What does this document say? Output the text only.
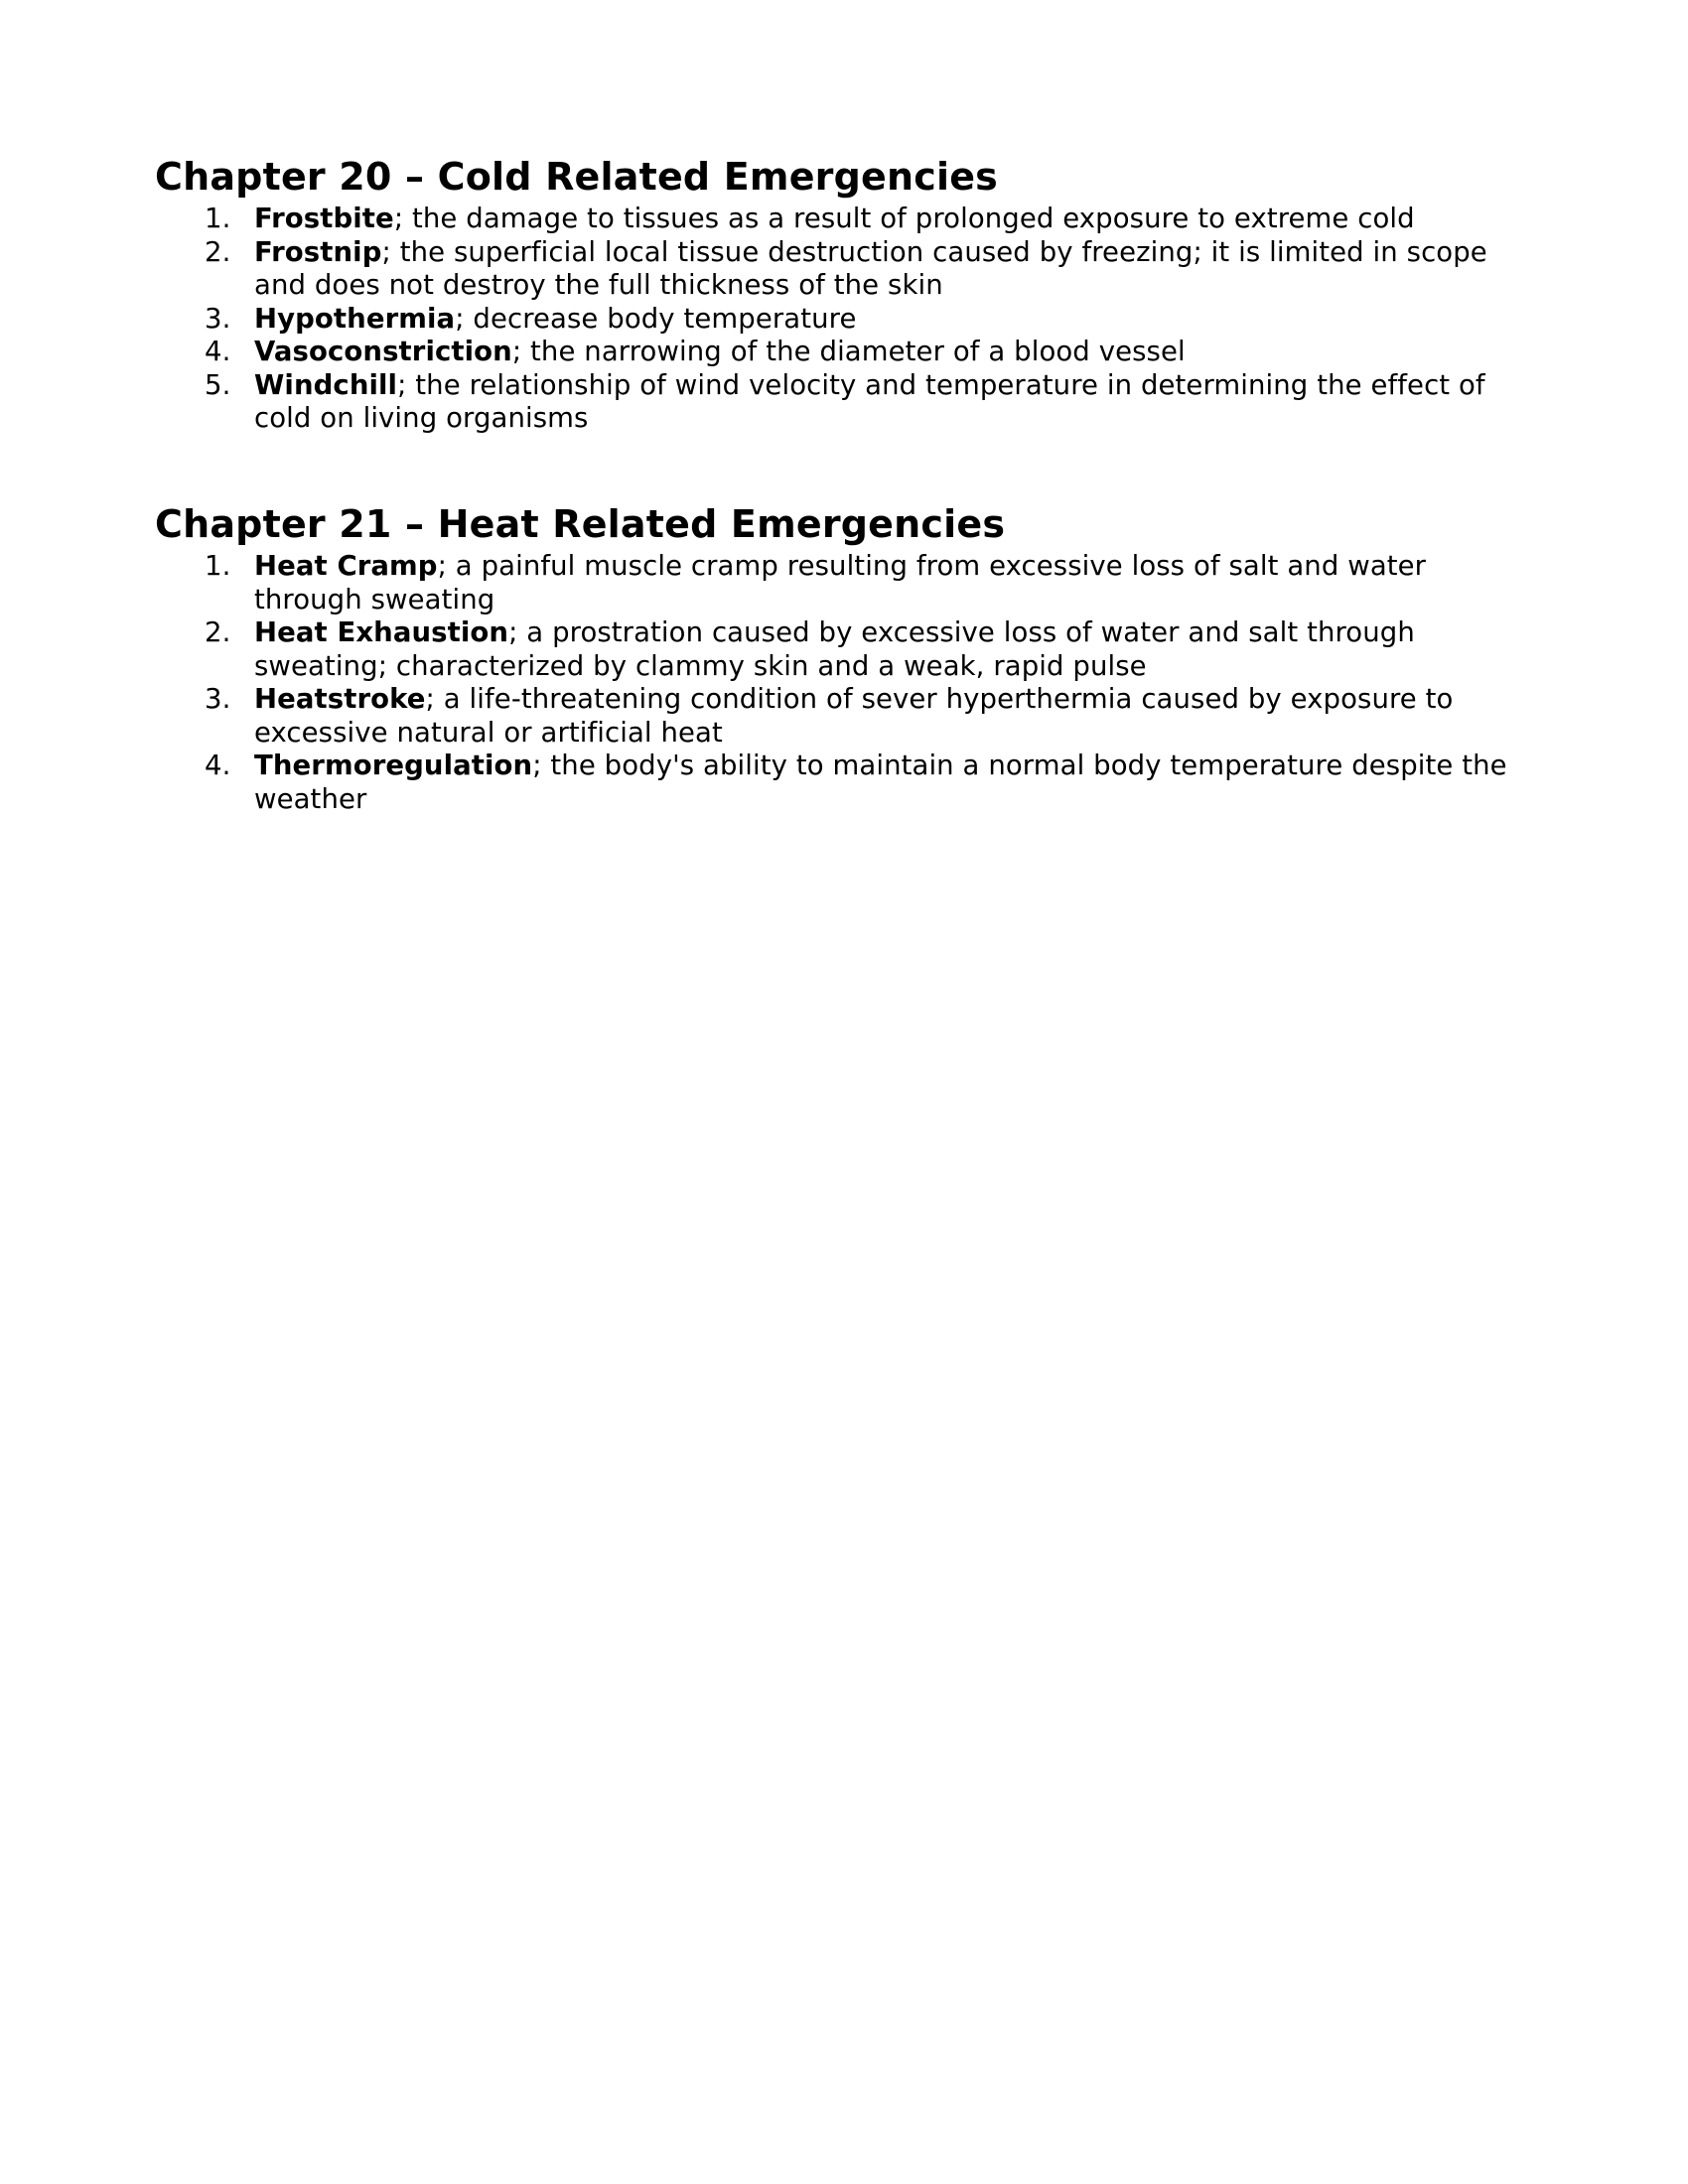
Chapter 20 – Cold Related Emergencies
1. Frostbite; the damage to tissues as a result of prolonged exposure to extreme cold
2. Frostnip; the superficial local tissue destruction caused by freezing; it is limited in scope and does not destroy the full thickness of the skin
3. Hypothermia; decrease body temperature
4. Vasoconstriction; the narrowing of the diameter of a blood vessel
5. Windchill; the relationship of wind velocity and temperature in determining the effect of cold on living organisms
Chapter 21 – Heat Related Emergencies
1. Heat Cramp; a painful muscle cramp resulting from excessive loss of salt and water through sweating
2. Heat Exhaustion; a prostration caused by excessive loss of water and salt through sweating; characterized by clammy skin and a weak, rapid pulse
3. Heatstroke; a life-threatening condition of sever hyperthermia caused by exposure to excessive natural or artificial heat
4. Thermoregulation; the body's ability to maintain a normal body temperature despite the weather
